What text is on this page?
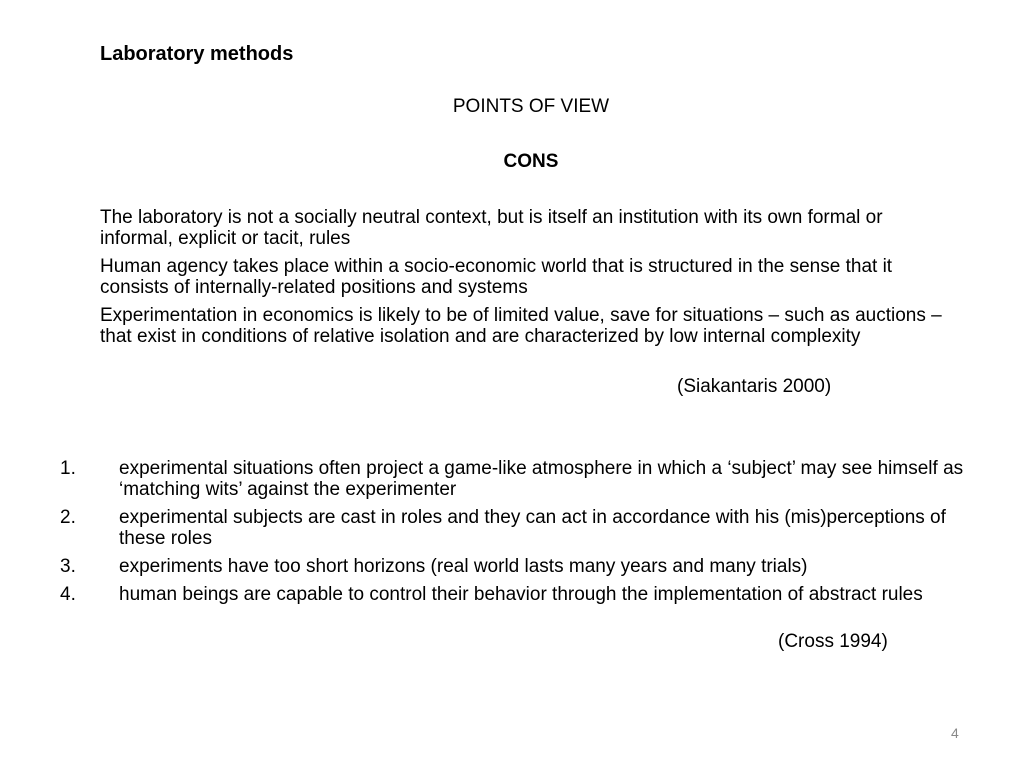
Laboratory methods
POINTS OF VIEW
CONS

The laboratory is not a socially neutral context, but is itself an institution with its own formal or informal, explicit or tacit, rules

Human agency takes place within a socio-economic world that is structured in the sense that it consists of internally-related positions and systems

Experimentation in economics is likely to be of limited value, save for situations – such as auctions – that exist in conditions of relative isolation and are characterized by low internal complexity

(Siakantaris 2000)
1. experimental situations often project a game-like atmosphere in which a ‘subject’ may see himself as ‘matching wits’ against the experimenter
2. experimental subjects are cast in roles and they can act in accordance with his (mis)perceptions of these roles
3. experiments have too short horizons (real world lasts many years and many trials)
4. human beings are capable to control their behavior through the implementation of abstract rules
(Cross 1994)
4
